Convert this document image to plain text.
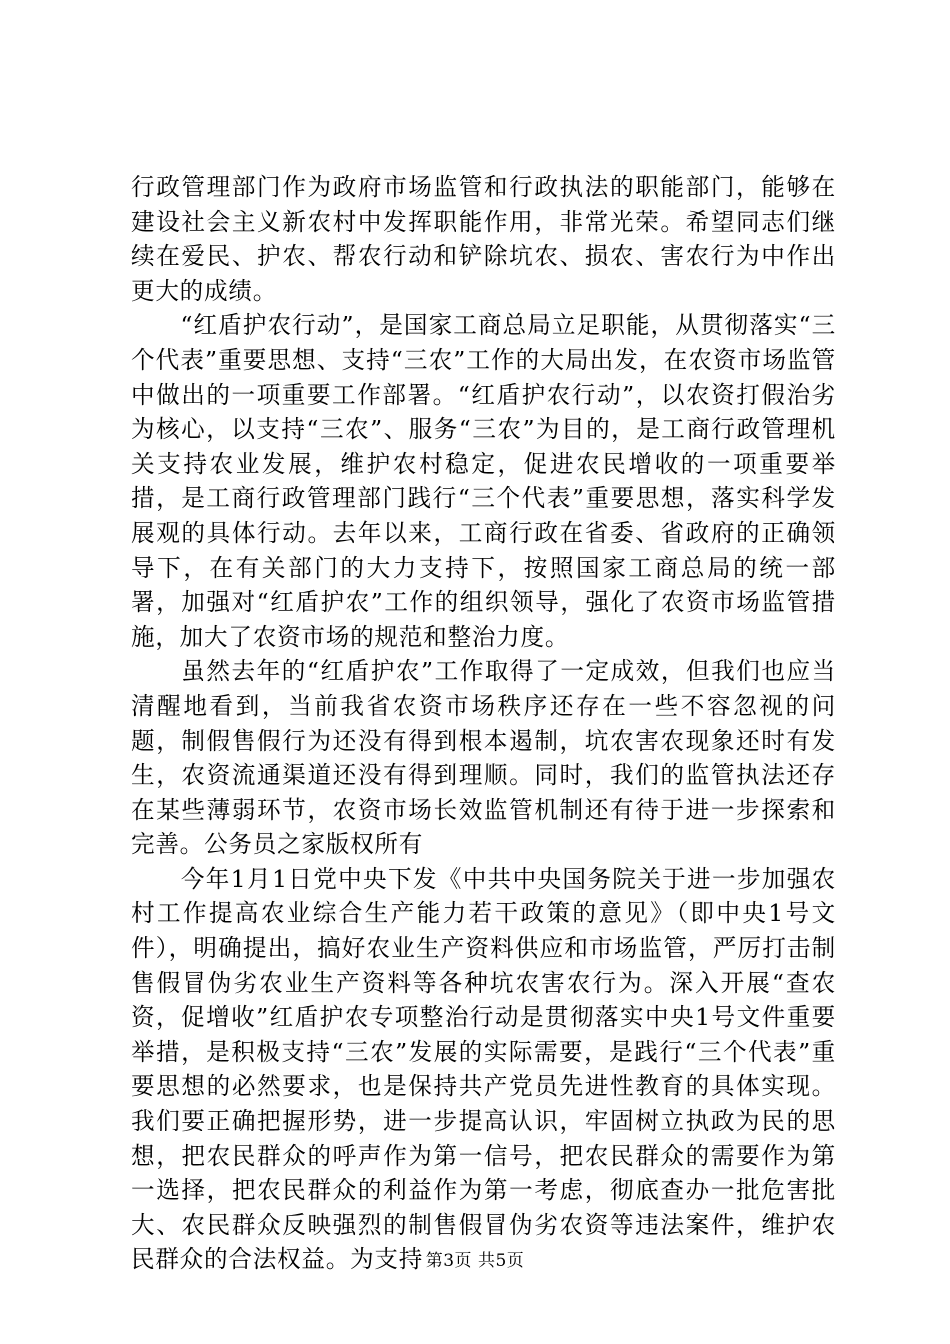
行政管理部门作为政府市场监管和行政执法的职能部门，能够在建设社会主义新农村中发挥职能作用，非常光荣。希望同志们继续在爱民、护农、帮农行动和铲除坑农、损农、害农行为中作出更大的成绩。

　　“红盾护农行动”，是国家工商总局立足职能，从贯彻落实“三个代表”重要思想、支持“三农”工作的大局出发，在农资市场监管中做出的一项重要工作部署。“红盾护农行动”，以农资打假治劣为核心，以支持“三农”、服务“三农”为目的，是工商行政管理机关支持农业发展，维护农村稳定，促进农民增收的一项重要举措，是工商行政管理部门践行“三个代表”重要思想，落实科学发展观的具体行动。去年以来，工商行政在省委、省政府的正确领导下，在有关部门的大力支持下，按照国家工商总局的统一部署，加强对“红盾护农”工作的组织领导，强化了农资市场监管措施，加大了农资市场的规范和整治力度。

　　虽然去年的“红盾护农”工作取得了一定成效，但我们也应当清醒地看到，当前我省农资市场秩序还存在一些不容忽视的问题，制假售假行为还没有得到根本遏制，坑农害农现象还时有发生，农资流通渠道还没有得到理顺。同时，我们的监管执法还存在某些薄弱环节，农资市场长效监管机制还有待于进一步探索和完善。公务员之家版权所有

　　今年1月1日党中央下发《中共中央国务院关于进一步加强农村工作提高农业综合生产能力若干政策的意见》（即中央1号文件），明确提出，搞好农业生产资料供应和市场监管，严厉打击制售假冒伪劣农业生产资料等各种坑农害农行为。深入开展“查农资，促增收”红盾护农专项整治行动是贯彻落实中央1号文件重要举措，是积极支持“三农”发展的实际需要，是践行“三个代表”重要思想的必然要求，也是保持共产党员先进性教育的具体实现。我们要正确把握形势，进一步提高认识，牢固树立执政为民的思想，把农民群众的呼声作为第一信号，把农民群众的需要作为第一选择，把农民群众的利益作为第一考虑，彻底查办一批危害批大、农民群众反映强烈的制售假冒伪劣农资等违法案件，维护农民群众的合法权益。为支持 第3页 共5页
